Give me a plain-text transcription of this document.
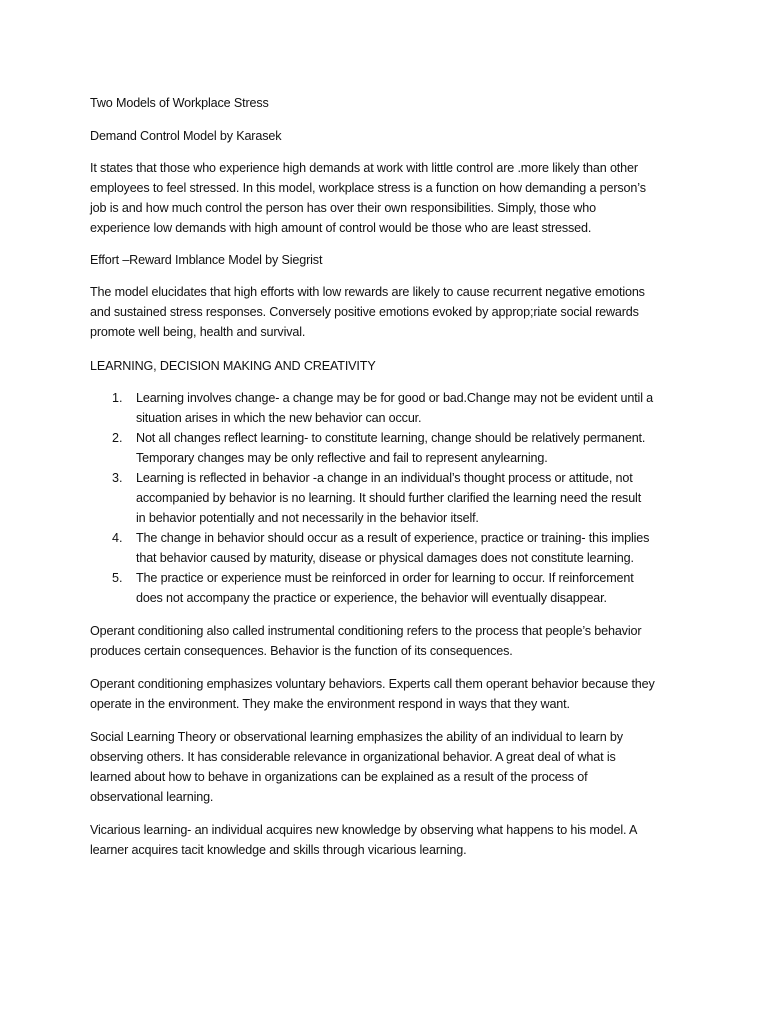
Two Models of Workplace Stress
Demand Control Model by Karasek
It states that those who experience high demands at work with little control are .more likely than other
employees to feel stressed. In this model, workplace stress is a function on how demanding a person’s
job is and how much control the person has over their own responsibilities. Simply, those who
experience low demands with high amount of control would be those who are least stressed.
Effort –Reward Imblance Model by Siegrist
The model elucidates that high efforts with low rewards are likely to cause recurrent negative emotions
and sustained stress responses. Conversely positive emotions evoked by approp;riate social rewards
promote well being, health and survival.
LEARNING, DECISION MAKING AND CREATIVITY
1. Learning involves change- a change may be for good or bad.Change may not be evident until a
situation arises in which the new behavior can occur.
2. Not all changes reflect learning- to constitute learning, change should be relatively permanent.
Temporary changes may be only reflective and fail to represent anylearning.
3. Learning is reflected in behavior -a change in an individual’s thought process or attitude, not
accompanied by behavior is no learning. It should further clarified the learning need the result
in behavior potentially and not necessarily in the behavior itself.
4. The change in behavior should occur as a result of experience, practice or training- this implies
that behavior caused by maturity, disease or physical damages does not constitute learning.
5. The practice or experience must be reinforced in order for learning to occur. If reinforcement
does not accompany the practice or experience, the behavior will eventually disappear.
Operant conditioning also called instrumental conditioning refers to the process that people’s behavior
produces certain consequences. Behavior is the function of its consequences.
Operant conditioning emphasizes voluntary behaviors. Experts call them operant behavior because they
operate in the environment. They make the environment respond in ways that they want.
Social Learning Theory or observational learning emphasizes the ability of an individual to learn by
observing others. It has considerable relevance in organizational behavior. A great deal of what is
learned about how to behave in organizations can be explained as a result of the process of
observational learning.
Vicarious learning- an individual acquires new knowledge by observing what happens to his model. A
learner acquires tacit knowledge and skills through vicarious learning.
